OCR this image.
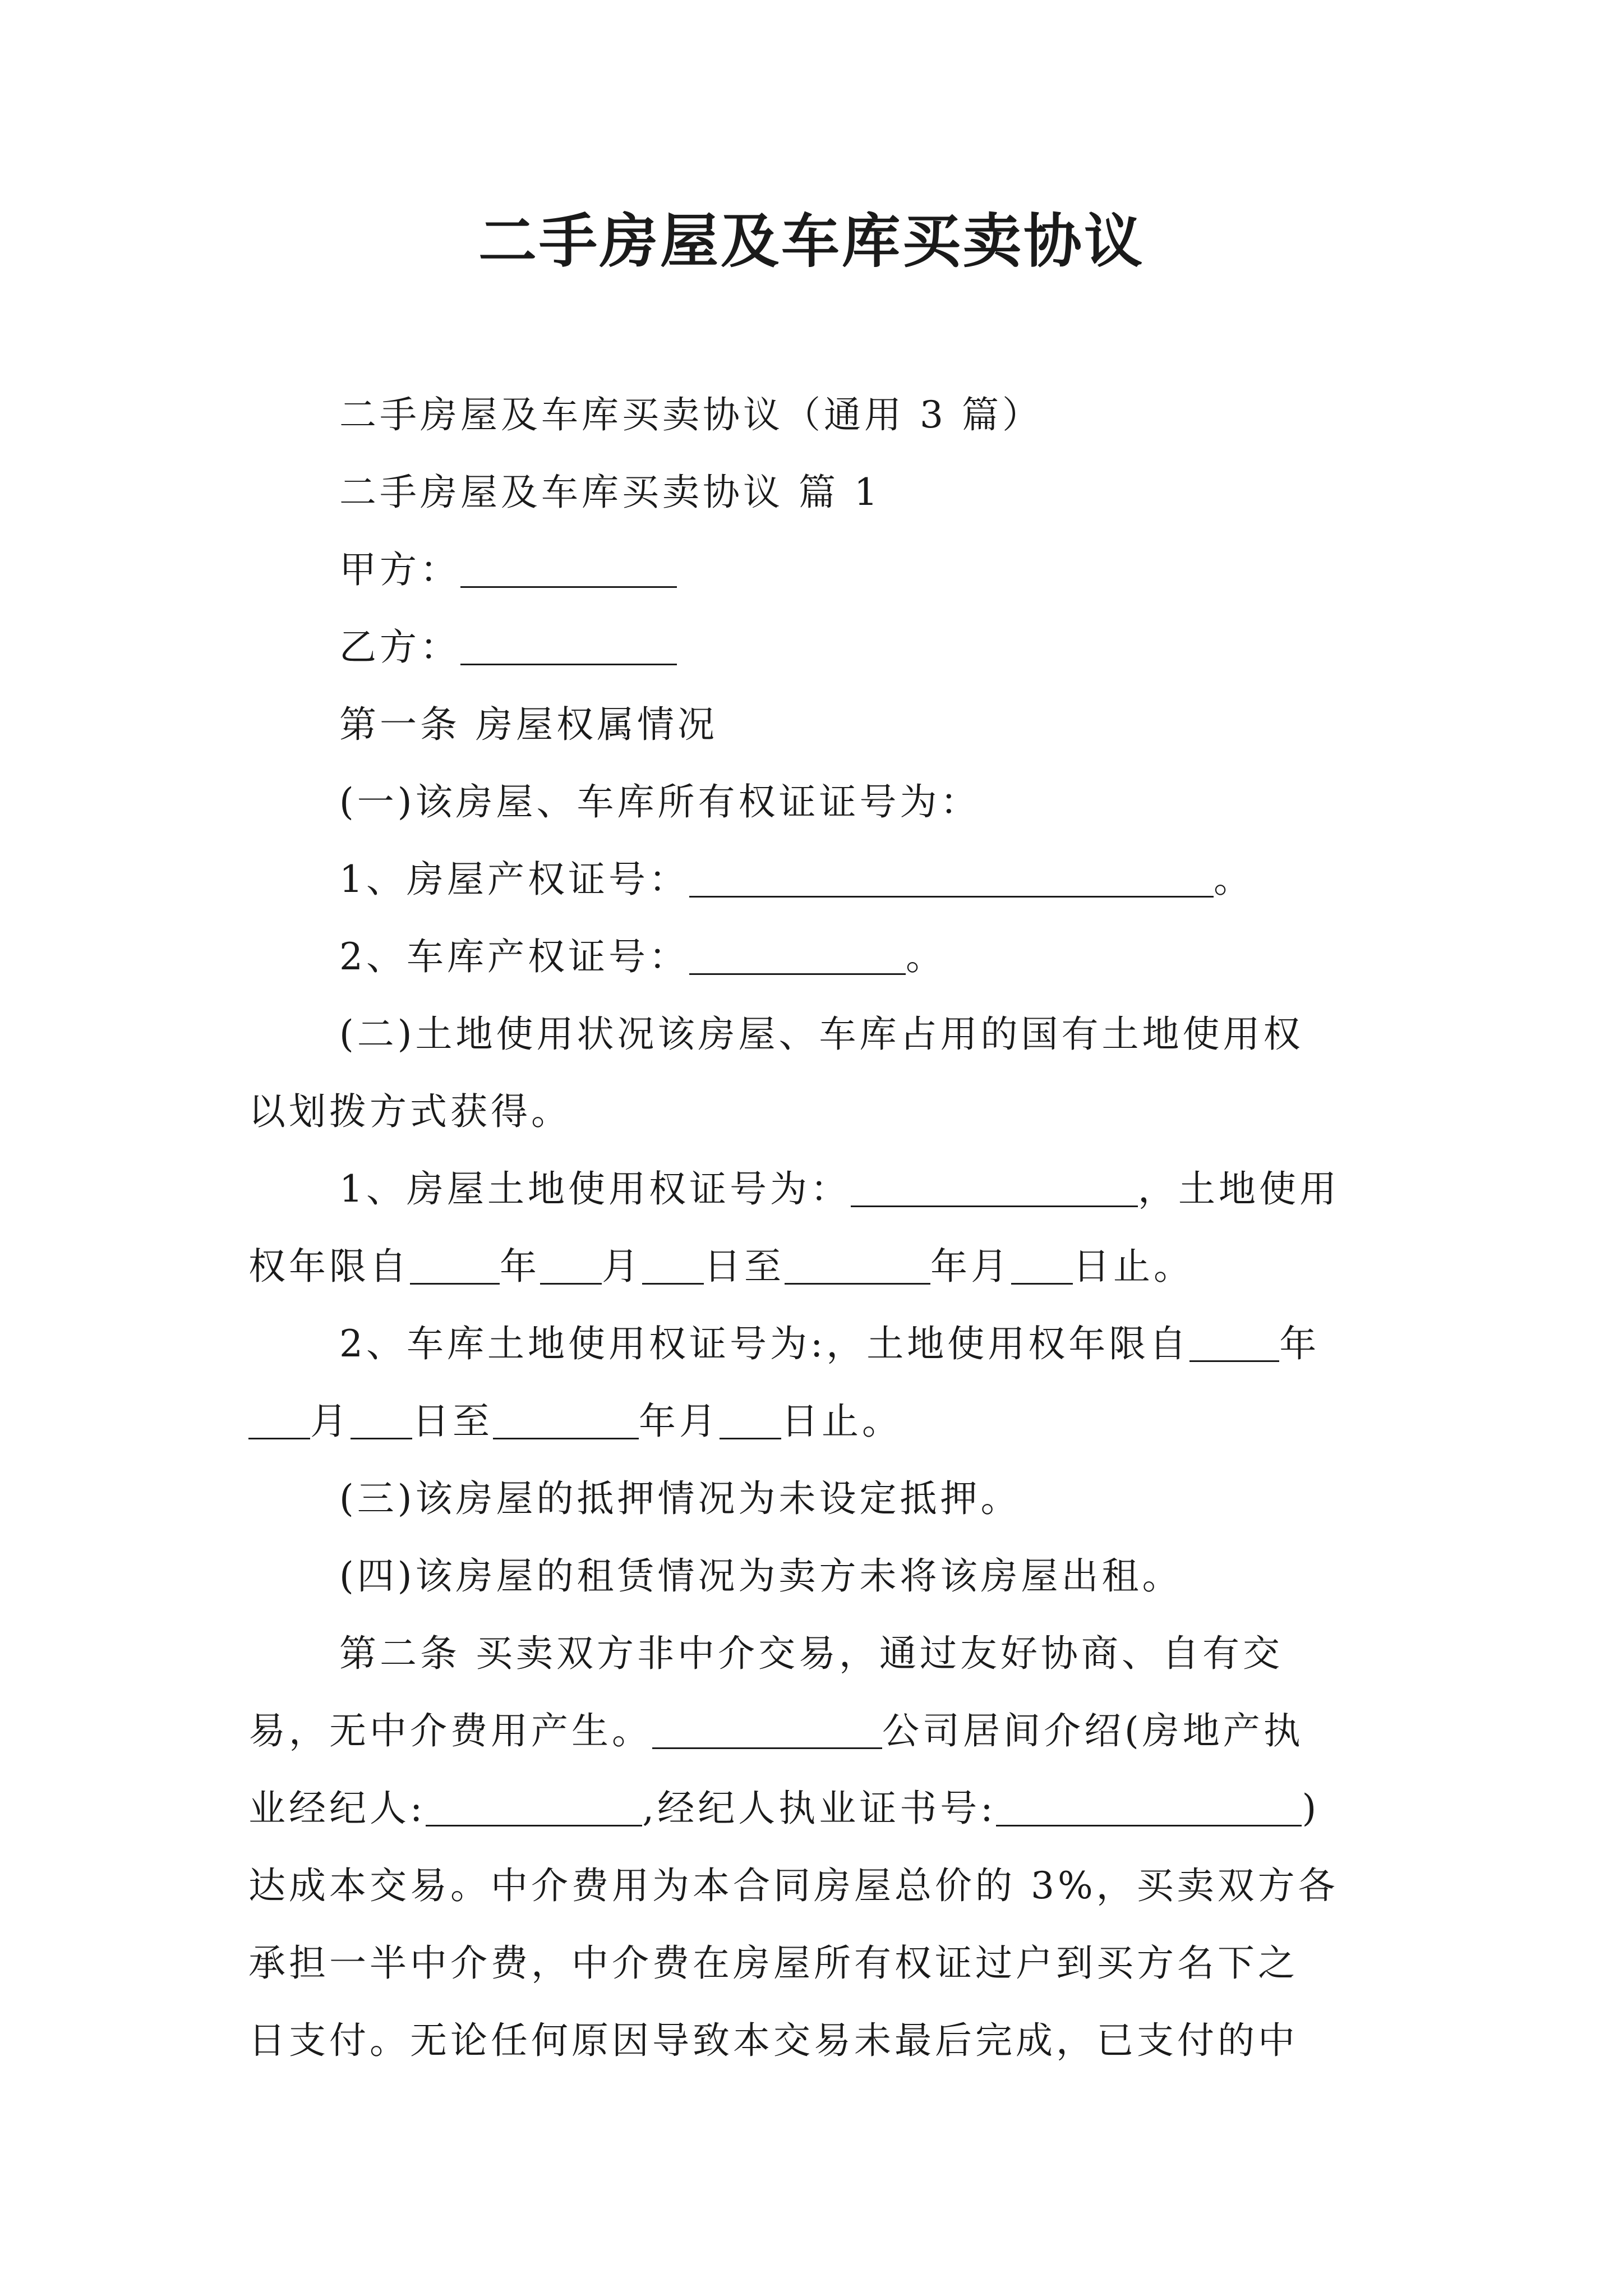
二手房屋及车库买卖协议
二手房屋及车库买卖协议（通用 3 篇）
二手房屋及车库买卖协议 篇 1
甲方：
乙方：
第一条 房屋权属情况
(一)该房屋、车库所有权证证号为：
1、房屋产权证号：	。
2、车库产权证号：	。
(二)土地使用状况该房屋、车库占用的国有土地使用权
以划拨方式获得。
1、房屋土地使用权证号为：	，土地使用
权年限自 年 月 日至	年月 日止。
2、车库土地使用权证号为:，土地使用权年限自 年
月 日至	年月 日止。
(三)该房屋的抵押情况为未设定抵押。
(四)该房屋的租赁情况为卖方未将该房屋出租。
第二条 买卖双方非中介交易，通过友好协商、自有交
易，无中介费用产生。	公司居间介绍(房地产执
业经纪人:	,经纪人执业证书号:	)
达成本交易。中介费用为本合同房屋总价的 3%，买卖双方各
承担一半中介费，中介费在房屋所有权证过户到买方名下之
日支付。无论任何原因导致本交易未最后完成，已支付的中
